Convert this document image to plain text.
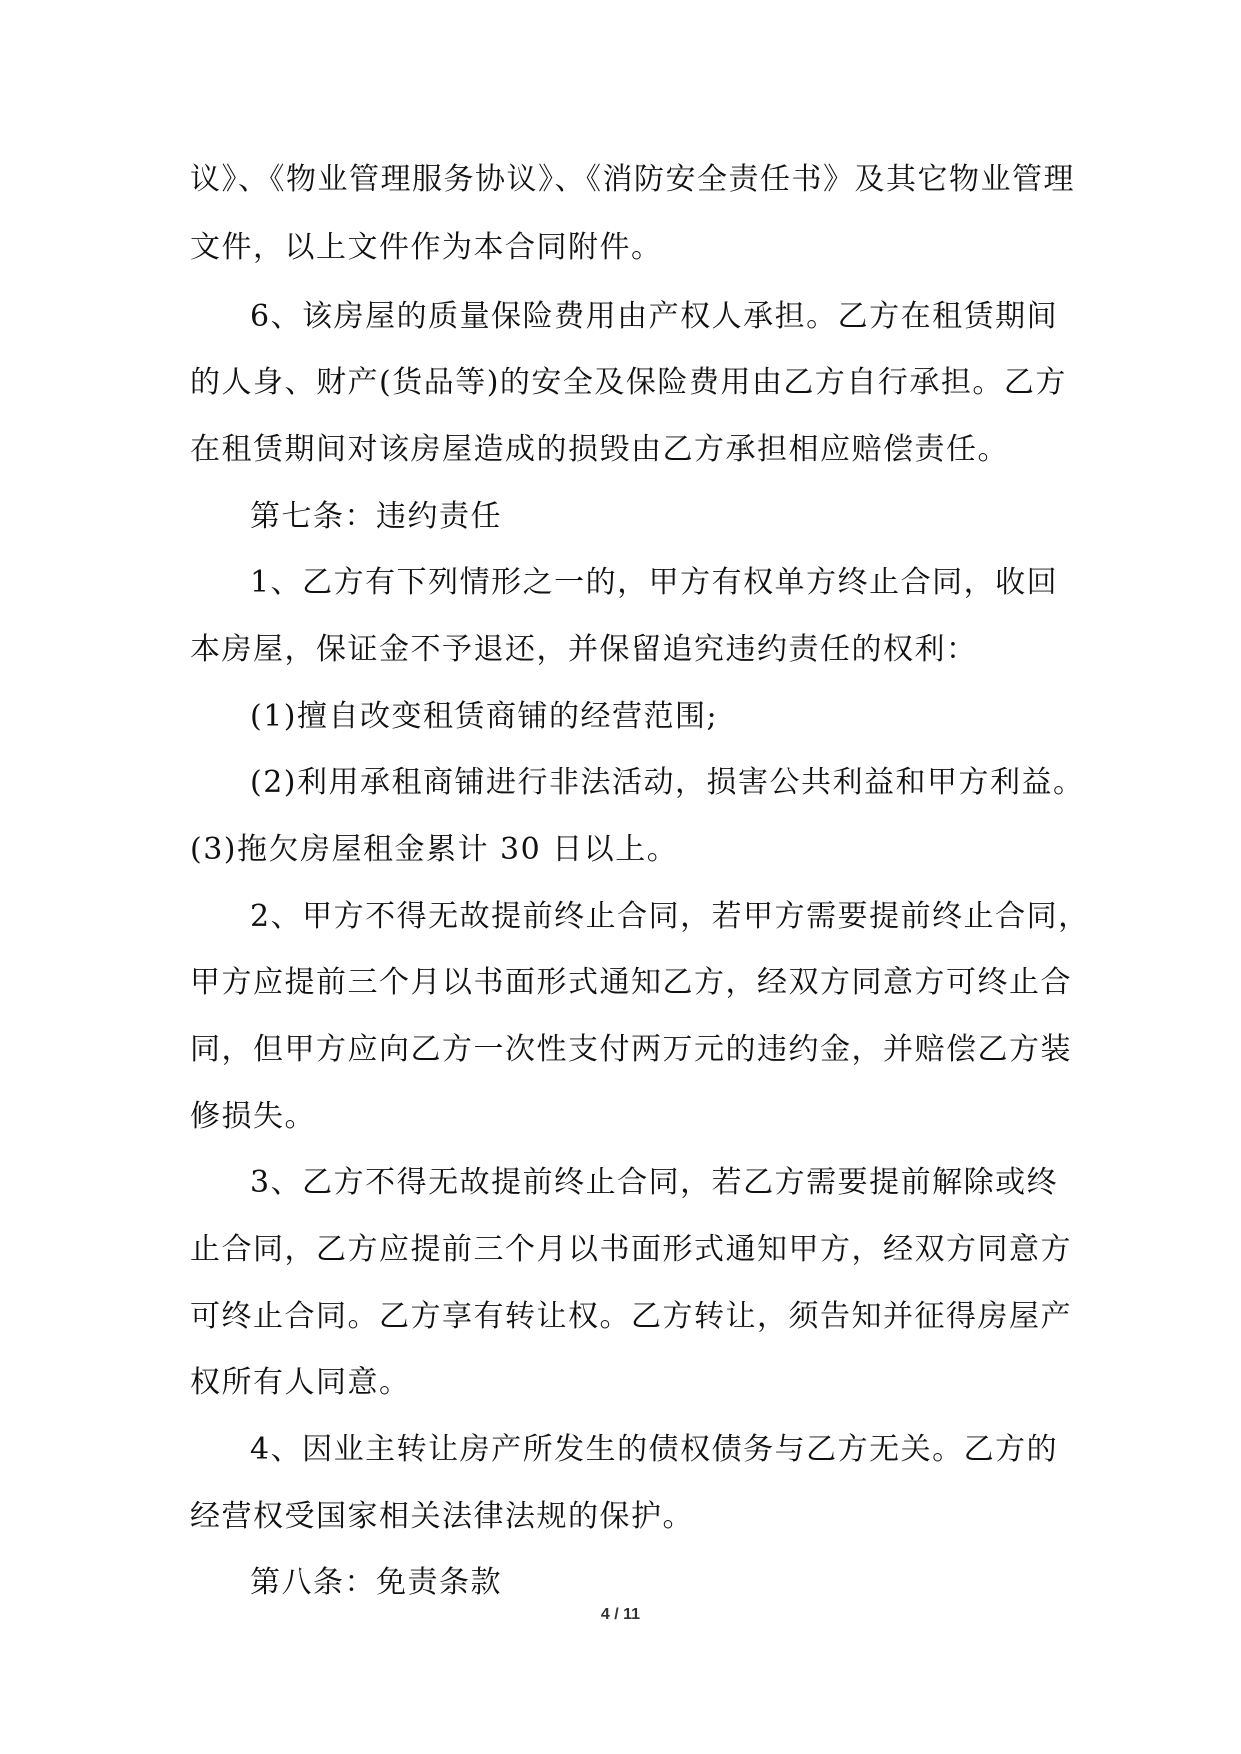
议》、《物业管理服务协议》、《消防安全责任书》及其它物业管理
文件，以上文件作为本合同附件。
6、该房屋的质量保险费用由产权人承担。乙方在租赁期间
的人身、财产(货品等)的安全及保险费用由乙方自行承担。乙方
在租赁期间对该房屋造成的损毁由乙方承担相应赔偿责任。
第七条：违约责任
1、乙方有下列情形之一的，甲方有权单方终止合同，收回
本房屋，保证金不予退还，并保留追究违约责任的权利：
(1)擅自改变租赁商铺的经营范围;
(2)利用承租商铺进行非法活动，损害公共利益和甲方利益。
(3)拖欠房屋租金累计 30 日以上。
2、甲方不得无故提前终止合同，若甲方需要提前终止合同，
甲方应提前三个月以书面形式通知乙方，经双方同意方可终止合
同，但甲方应向乙方一次性支付两万元的违约金，并赔偿乙方装
修损失。
3、乙方不得无故提前终止合同，若乙方需要提前解除或终
止合同，乙方应提前三个月以书面形式通知甲方，经双方同意方
可终止合同。乙方享有转让权。乙方转让，须告知并征得房屋产
权所有人同意。
4、因业主转让房产所发生的债权债务与乙方无关。乙方的
经营权受国家相关法律法规的保护。
第八条：免责条款
4 / 11
